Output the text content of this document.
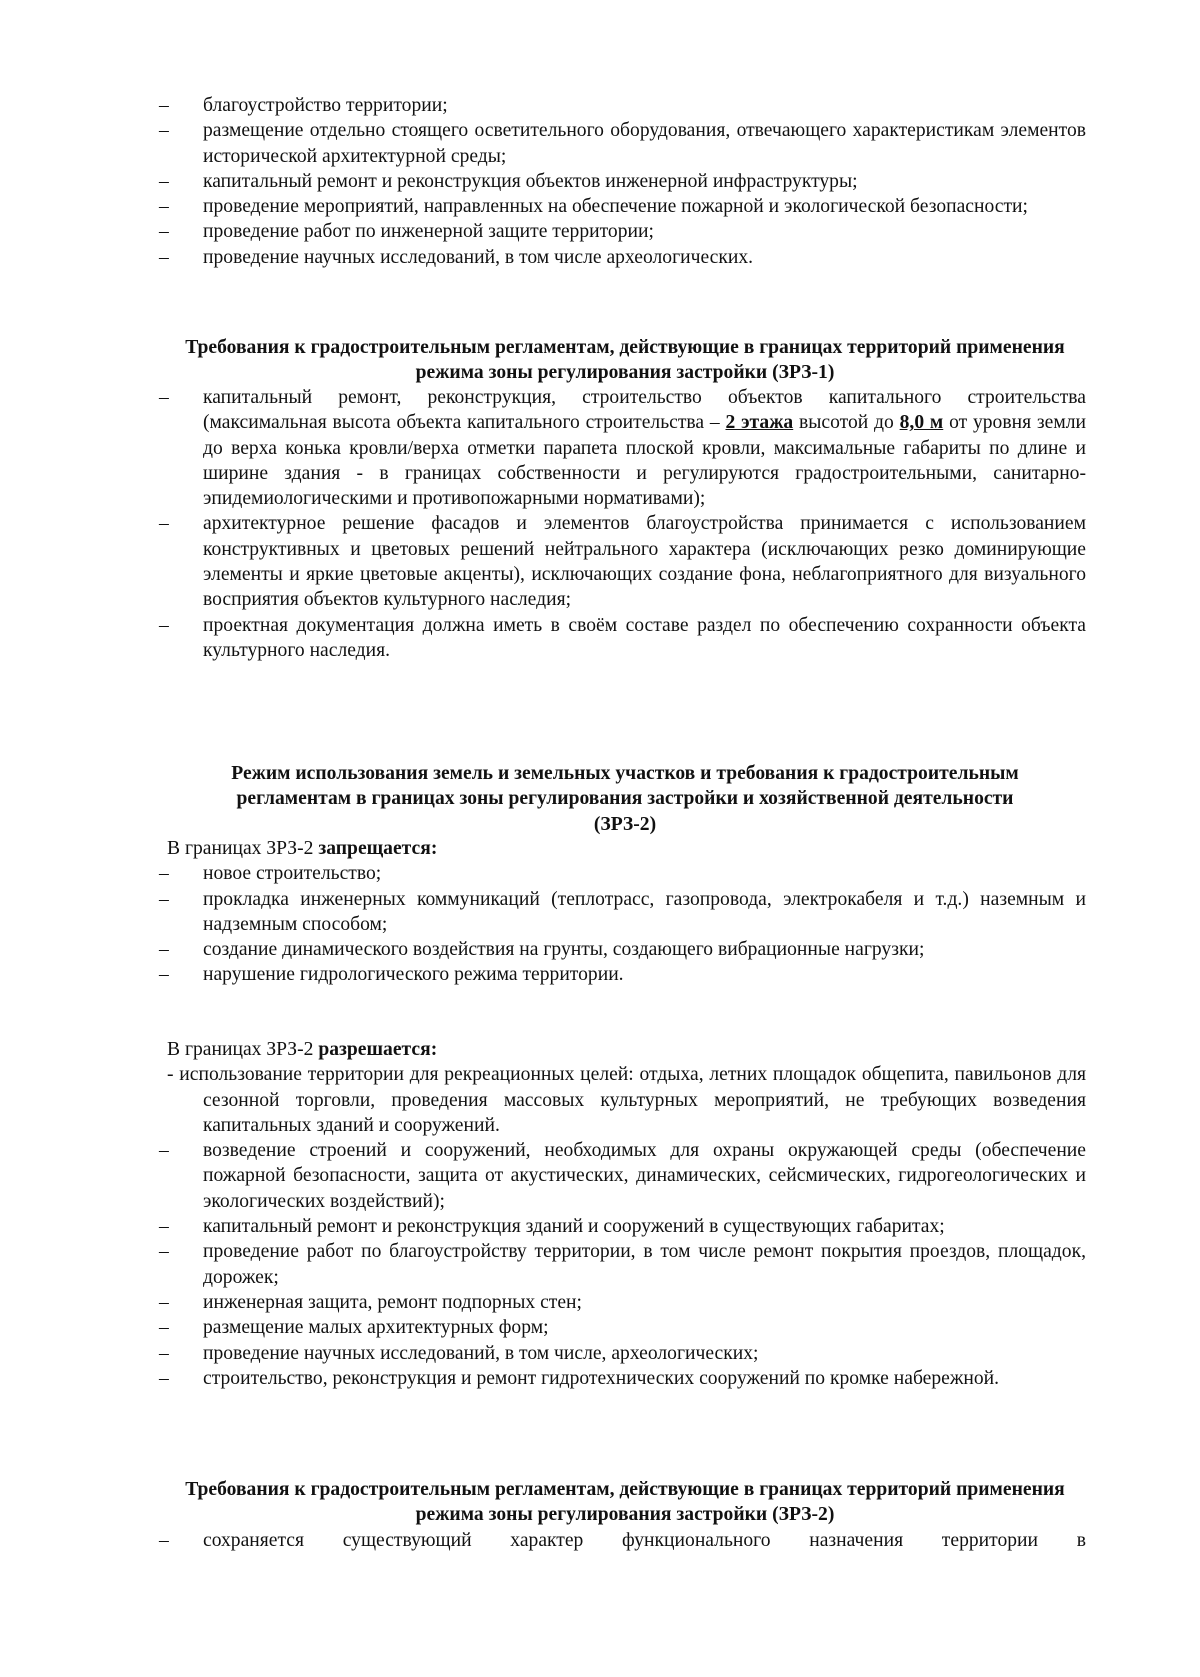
– благоустройство территории;
– размещение отдельно стоящего осветительного оборудования, отвечающего характеристикам элементов исторической архитектурной среды;
– капитальный ремонт и реконструкция объектов инженерной инфраструктуры;
– проведение мероприятий, направленных на обеспечение пожарной и экологической безопасности;
– проведение работ по инженерной защите территории;
– проведение научных исследований, в том числе археологических.
Требования к градостроительным регламентам, действующие в границах территорий применения режима зоны регулирования застройки (ЗРЗ-1)
– капитальный ремонт, реконструкция, строительство объектов капитального строительства (максимальная высота объекта капитального строительства – 2 этажа высотой до 8,0 м от уровня земли до верха конька кровли/верха отметки парапета плоской кровли, максимальные габариты по длине и ширине здания - в границах собственности и регулируются градостроительными, санитарно-эпидемиологическими и противопожарными нормативами);
– архитектурное решение фасадов и элементов благоустройства принимается с использованием конструктивных и цветовых решений нейтрального характера (исключающих резко доминирующие элементы и яркие цветовые акценты), исключающих создание фона, неблагоприятного для визуального восприятия объектов культурного наследия;
– проектная документация должна иметь в своём составе раздел по обеспечению сохранности объекта культурного наследия.
Режим использования земель и земельных участков и требования к градостроительным регламентам в границах зоны регулирования застройки и хозяйственной деятельности (ЗРЗ-2)
В границах ЗРЗ-2 запрещается:
– новое строительство;
– прокладка инженерных коммуникаций (теплотрасс, газопровода, электрокабеля и т.д.) наземным и надземным способом;
– создание динамического воздействия на грунты, создающего вибрационные нагрузки;
– нарушение гидрологического режима территории.
В границах ЗРЗ-2 разрешается:
- использование территории для рекреационных целей: отдыха, летних площадок общепита, павильонов для сезонной торговли, проведения массовых культурных мероприятий, не требующих возведения капитальных зданий и сооружений.
– возведение строений и сооружений, необходимых для охраны окружающей среды (обеспечение пожарной безопасности, защита от акустических, динамических, сейсмических, гидрогеологических и экологических воздействий);
– капитальный ремонт и реконструкция зданий и сооружений в существующих габаритах;
– проведение работ по благоустройству территории, в том числе ремонт покрытия проездов, площадок, дорожек;
– инженерная защита, ремонт подпорных стен;
– размещение малых архитектурных форм;
– проведение научных исследований, в том числе, археологических;
– строительство, реконструкция и ремонт гидротехнических сооружений по кромке набережной.
Требования к градостроительным регламентам, действующие в границах территорий применения режима зоны регулирования застройки (ЗРЗ-2)
– сохраняется существующий характер функционального назначения территории в
